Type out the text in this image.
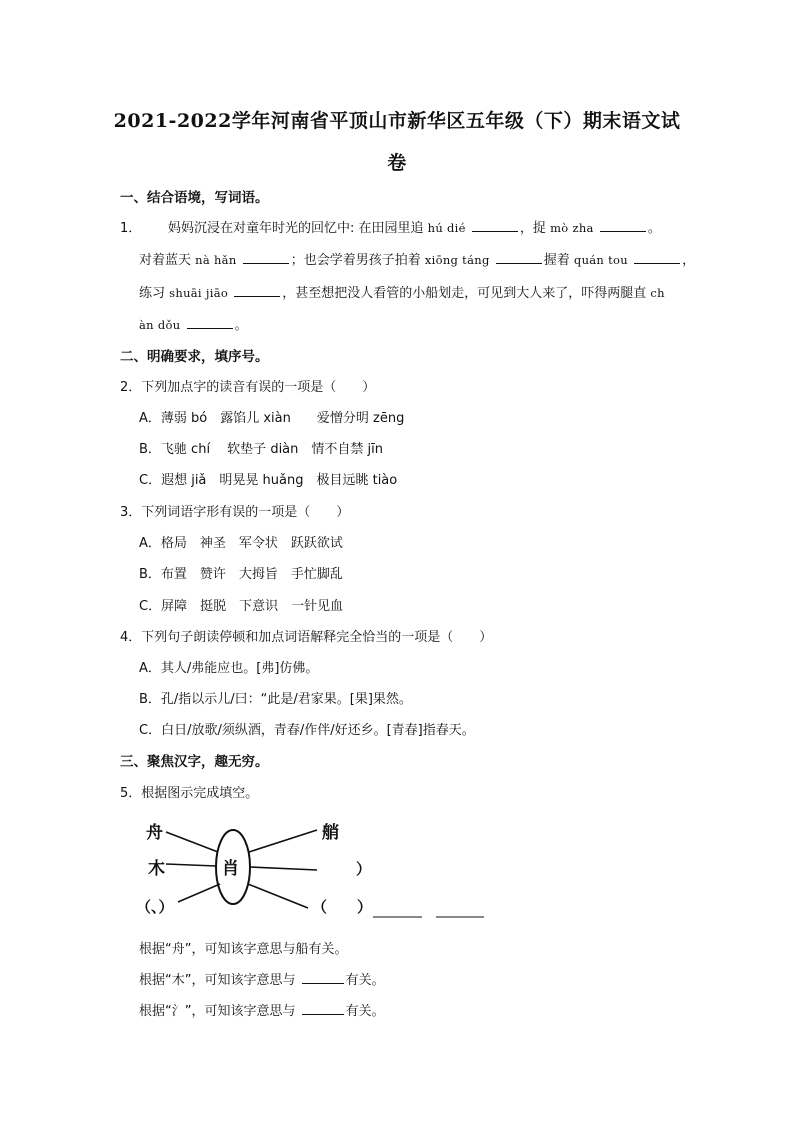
2021-2022学年河南省平顶山市新华区五年级（下）期末语文试
卷
一、结合语境，写词语。
1． 妈妈沉浸在对童年时光的回忆中: 在田园里追 hú dié	，捉 mò zha	。
对着蓝天 nà hǎn	；也会学着男孩子拍着 xiōng táng	握着 quán tou	，
练习 shuāi jiāo	，甚至想把没人看管的小船划走，可见到大人来了，吓得两腿直 ch
àn dǒu	。
二、明确要求，填序号。
2．下列加点字的读音有误的一项是（　　）
A．薄弱 bó　露馅儿 xiàn　　爱憎分明 zēng
B．飞驰 chí　 软垫子 diàn　情不自禁 jīn
C．遐想 jiǎ　明晃晃 huǎng　极目远眺 tiào
3．下列词语字形有误的一项是（　　）
A．格局　神圣　军令状　跃跃欲试
B．布置　赞许　大拇旨　手忙脚乱
C．屏障　挺脱　下意识　一针见血
4．下列句子朗读停顿和加点词语解释完全恰当的一项是（　　）
A．其人/弗能应也。[弗]仿佛。
B．孔/指以示儿/曰：“此是/君家果。[果]果然。
C．白日/放歌/须纵酒，青春/作伴/好还乡。[青春]指春天。
三、聚焦汉字，趣无穷。
5．根据图示完成填空。
肖
舟
木
（、）
艄
）
（　　）
根据“舟”，可知该字意思与船有关。
根据“木”，可知该字意思与	有关。
根据“氵”，可知该字意思与	有关。
